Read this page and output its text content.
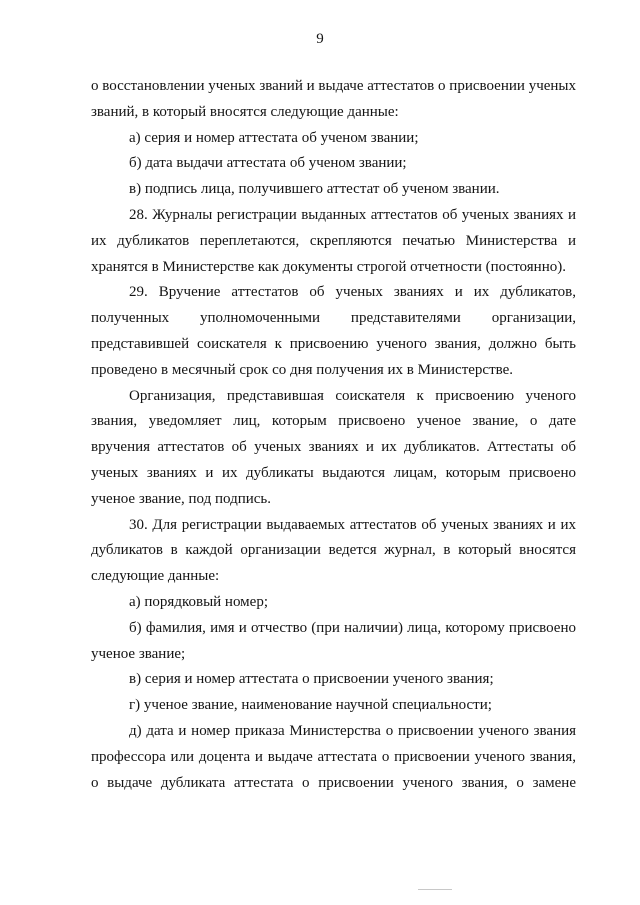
9

о восстановлении ученых званий и выдаче аттестатов о присвоении ученых званий, в который вносятся следующие данные:

а) серия и номер аттестата об ученом звании;

б) дата выдачи аттестата об ученом звании;

в) подпись лица, получившего аттестат об ученом звании.

28. Журналы регистрации выданных аттестатов об ученых званиях и их дубликатов переплетаются, скрепляются печатью Министерства и хранятся в Министерстве как документы строгой отчетности (постоянно).

29. Вручение аттестатов об ученых званиях и их дубликатов, полученных уполномоченными представителями организации, представившей соискателя к присвоению ученого звания, должно быть проведено в месячный срок со дня получения их в Министерстве.

Организация, представившая соискателя к присвоению ученого звания, уведомляет лиц, которым присвоено ученое звание, о дате вручения аттестатов об ученых званиях и их дубликатов. Аттестаты об ученых званиях и их дубликаты выдаются лицам, которым присвоено ученое звание, под подпись.

30. Для регистрации выдаваемых аттестатов об ученых званиях и их дубликатов в каждой организации ведется журнал, в который вносятся следующие данные:

а) порядковый номер;

б) фамилия, имя и отчество (при наличии) лица, которому присвоено ученое звание;

в) серия и номер аттестата о присвоении ученого звания;

г) ученое звание, наименование научной специальности;

д) дата и номер приказа Министерства о присвоении ученого звания профессора или доцента и выдаче аттестата о присвоении ученого звания, о выдаче дубликата аттестата о присвоении ученого звания, о замене
